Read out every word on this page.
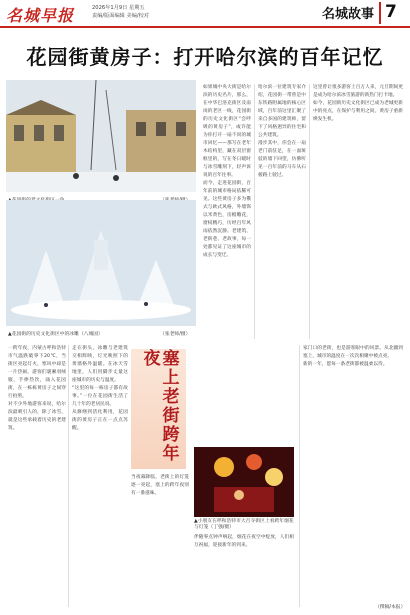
名城早报	2026年1月9日 星期五
责编/版面编辑 美编/校对	名城故事 7
花园街黄房子：打开哈尔滨的百年记忆
▲花园街的历史文化街区中的冰雕（八城国）	（张老师/摄）

如果城中央大街是哈尔滨的历史名片，那么，在中华巴洛克街区及南岗的老区一线，花园街的历史文化街区“会呼吸的黄房子”，或许能为你打开一扇不同的城市回忆——那写在老年木结构里，藏在双层窗框里的，写在冬日暖时与冰雪雕刻下，轻声诉说的百年往事。

而今，走进花园街，百年前的城市格局依稀可见。这些黄房子多为俄式与欧式风格，外墙饰以米黄色，房檐雕花，窗棂精巧，历经百年风雨依然沉静。老建筑、老街巷、老故事，每一处都见证了这座城市的成长与变迁。

哈尔滨一位建筑专家介绍，花园街一带曾是中东铁路附属地的核心区域，百年前这里汇聚了来自多国的建筑师，留下了风格迥异的住宅和公共建筑。

漫步其中，你会在一扇老门前驻足，在一面斑驳的墙下回望，仿佛听见一百年前的马车从石板路上驶过。

这里曾让很多游客上百万人来，元旦期间更是成为哈尔滨冰雪旅游的新热门打卡地。

如今，花园街历史文化街区已成为老城更新中的亮点，在保护与利用之间，黄房子重新焕发生机。

一跨年夜，内蒙古呼和浩特市气温跌破零下20℃，当街区亮起灯火，寒风中却是一片热闹。游客们裹紧羽绒服，手捧热饮，涌入花园街，在一栋栋黄房子之间穿行拍照。

对不少外地游客来说，哈尔滨最吸引人的，除了冰雪，就是这些承载着历史的老建筑。

走在街头，冰雕与老建筑交相辉映，灯光映照下的黄墙格外温暖。在冰天雪地里，人们用脚步丈量这座城市的历史与温度。

“这里的每一栋房子都有故事。”一位在花园街生活了几十年的老居民说。

从修缮到活化利用，花园街的黄房子正在一点点苏醒。	塞上老街跨年夜

当夜幕降临，老街上的灯笼逐一亮起，塞上的跨年夜别有一番滋味。

▲小朋友在呼和浩特市大召寺街区上看跨年烟花与灯笼（丁强/摄）

伴随零点钟声响起，烟花在夜空中绽放，人们相互祝福，迎接新年的到来。

家门口的老街，也是游客眼中的风景。从北疆到塞上，城市的温度在一次次相聚中被点亮。

新的一年，愿每一条老街都被温柔以待。

（撰稿/本报）
